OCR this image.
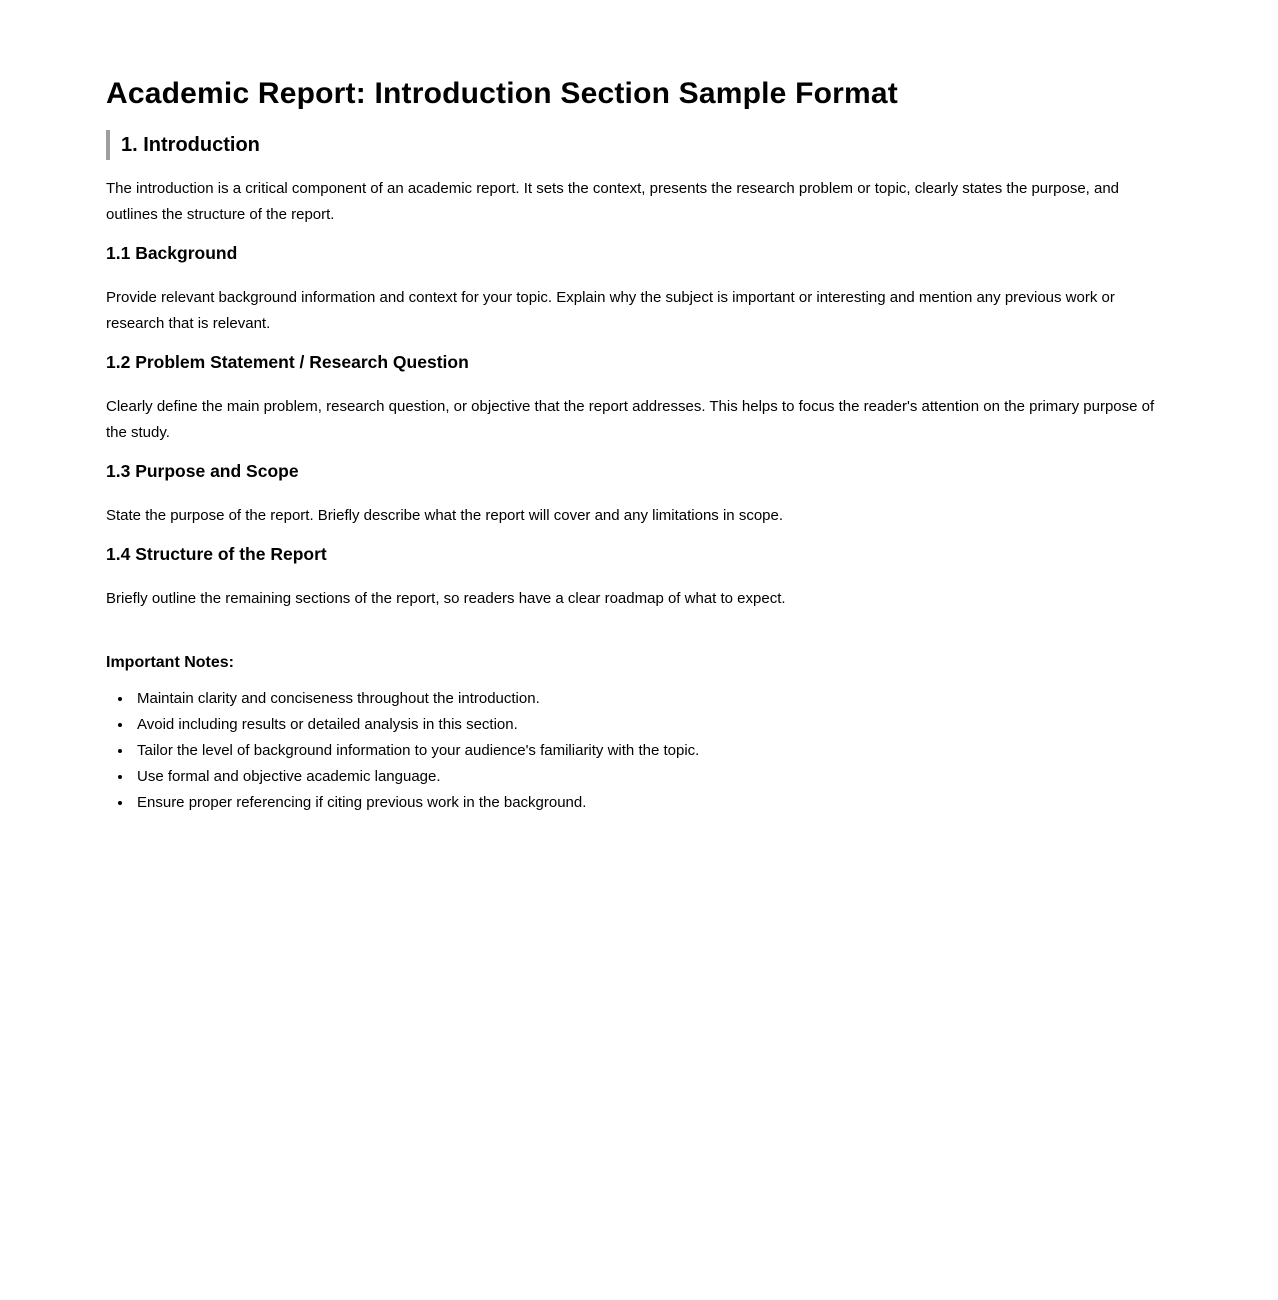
Academic Report: Introduction Section Sample Format
1. Introduction

The introduction is a critical component of an academic report. It sets the context, presents the research problem or topic, clearly states the purpose, and outlines the structure of the report.

1.1 Background

Provide relevant background information and context for your topic. Explain why the subject is important or interesting and mention any previous work or research that is relevant.

1.2 Problem Statement / Research Question

Clearly define the main problem, research question, or objective that the report addresses. This helps to focus the reader's attention on the primary purpose of the study.

1.3 Purpose and Scope

State the purpose of the report. Briefly describe what the report will cover and any limitations in scope.

1.4 Structure of the Report

Briefly outline the remaining sections of the report, so readers have a clear roadmap of what to expect.

Important Notes:

• Maintain clarity and conciseness throughout the introduction.
• Avoid including results or detailed analysis in this section.
• Tailor the level of background information to your audience's familiarity with the topic.
• Use formal and objective academic language.
• Ensure proper referencing if citing previous work in the background.
